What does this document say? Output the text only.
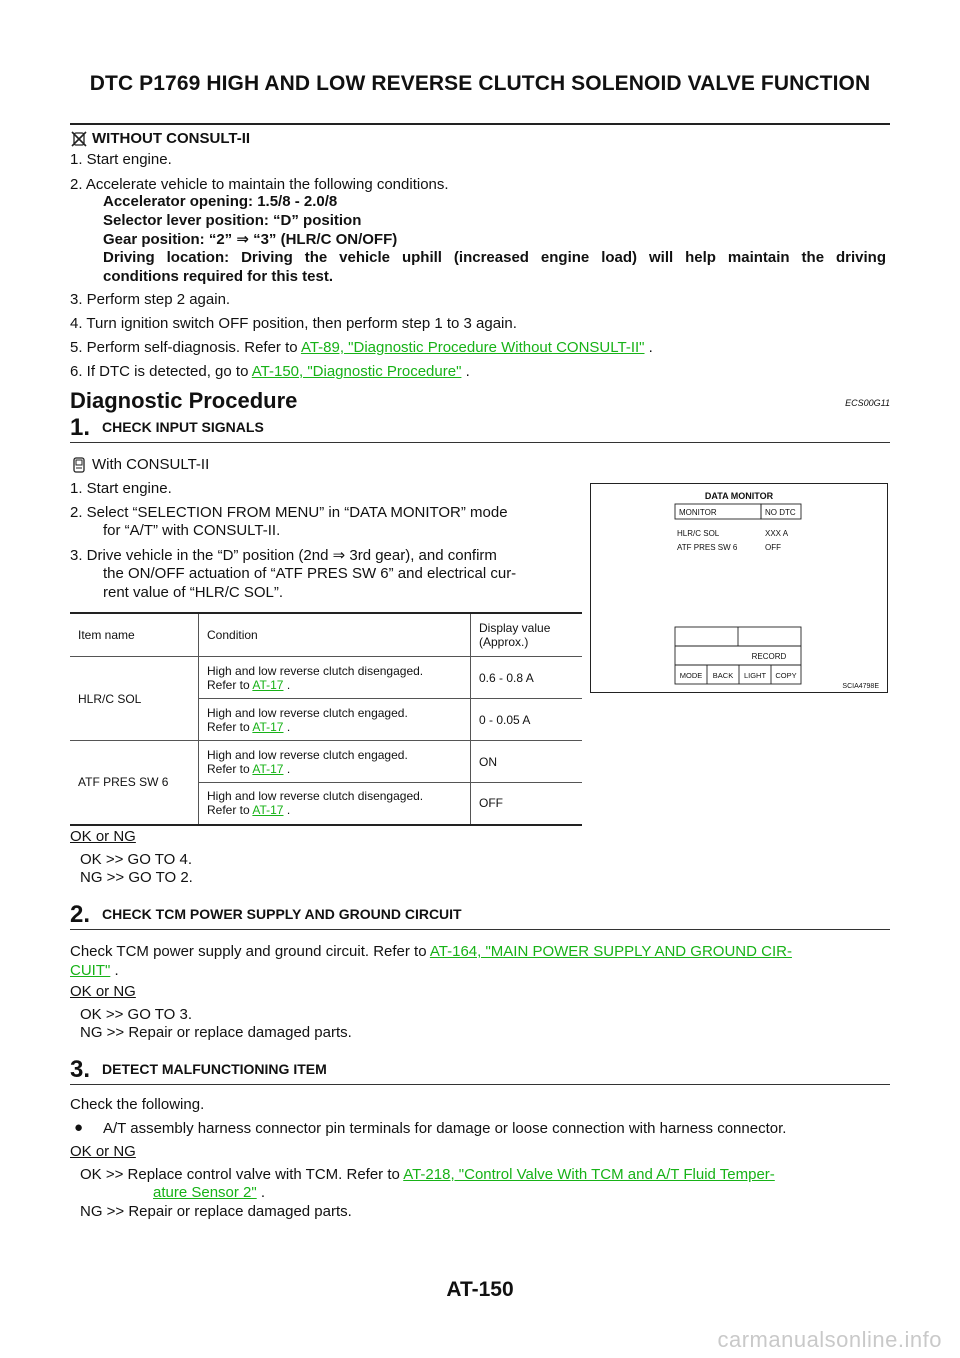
DTC P1769 HIGH AND LOW REVERSE CLUTCH SOLENOID VALVE FUNCTION
WITHOUT CONSULT-II
1. Start engine.
2. Accelerate vehicle to maintain the following conditions.
Accelerator opening: 1.5/8 - 2.0/8
Selector lever position: “D” position
Gear position: “2” ⇒ “3” (HLR/C ON/OFF)
Driving location: Driving the vehicle uphill (increased engine load) will help maintain the driving
conditions required for this test.
3. Perform step 2 again.
4. Turn ignition switch OFF position, then perform step 1 to 3 again.
5. Perform self-diagnosis. Refer to AT-89, "Diagnostic Procedure Without CONSULT-II" .
6. If DTC is detected, go to AT-150, "Diagnostic Procedure" .
Diagnostic Procedure	ECS00G11
1. CHECK INPUT SIGNALS
With CONSULT-II
1. Start engine.
2. Select “SELECTION FROM MENU” in “DATA MONITOR” mode
for “A/T” with CONSULT-II.
3. Drive vehicle in the “D” position (2nd ⇒ 3rd gear), and confirm
the ON/OFF actuation of “ATF PRES SW 6” and electrical cur-
rent value of “HLR/C SOL”.
DATA MONITOR
MONITOR	NO DTC
HLR/C SOL	XXX A
ATF PRES SW 6	OFF
RECORD
MODE BACK LIGHT COPY
SCIA4798E
Item name	Condition	Display value (Approx.)
HLR/C SOL	High and low reverse clutch disengaged.
Refer to AT-17 .	0.6 - 0.8 A

	High and low reverse clutch engaged.
Refer to AT-17 .	0 - 0.05 A
ATF PRES SW 6	High and low reverse clutch engaged.
Refer to AT-17 .	ON

	High and low reverse clutch disengaged.
Refer to AT-17 .	OFF
OK or NG
OK >> GO TO 4.
NG >> GO TO 2.
2. CHECK TCM POWER SUPPLY AND GROUND CIRCUIT
Check TCM power supply and ground circuit. Refer to AT-164, "MAIN POWER SUPPLY AND GROUND CIR-
CUIT" .
OK or NG
OK >> GO TO 3.
NG >> Repair or replace damaged parts.
3. DETECT MALFUNCTIONING ITEM
Check the following.
● A/T assembly harness connector pin terminals for damage or loose connection with harness connector.
OK or NG
OK >> Replace control valve with TCM. Refer to AT-218, "Control Valve With TCM and A/T Fluid Temper-
ature Sensor 2" .
NG >> Repair or replace damaged parts.
AT-150
carmanualsonline.info
